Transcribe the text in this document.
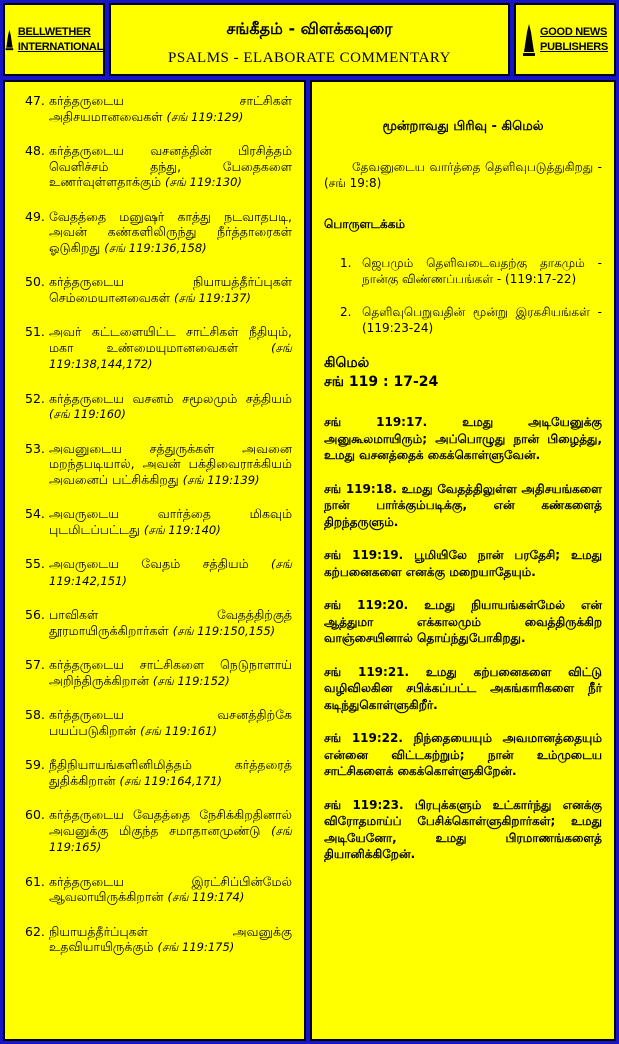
BELLWETHER
INTERNATIONAL
சங்கீதம் - விளக்கவுரை
PSALMS - ELABORATE COMMENTARY
GOOD NEWS
PUBLISHERS
47. கர்த்தருடைய சாட்சிகள் அதிசயமானவைகள் (சங் 119:129)
48. கர்த்தருடைய வசனத்தின் பிரசித்தம் வெளிச்சம் தந்து, பேதைகளை உணர்வுள்ளதாக்கும் (சங் 119:130)
49. வேதத்தை மனுஷர் காத்து நடவாதபடி, அவன் கண்களிலிருந்து நீர்த்தாரைகள் ஓடுகிறது (சங் 119:136,158)
50. கர்த்தருடைய நியாயத்தீர்ப்புகள் செம்மையானவைகள் (சங் 119:137)
51. அவர் கட்டளையிட்ட சாட்சிகள் நீதியும், மகா உண்மையுமானவைகள்	(சங் 119:138,144,172)
52. கர்த்தருடைய வசனம் சமூலமும் சத்தியம் (சங் 119:160)
53. அவனுடைய சத்துருக்கள் அவனை மறந்தபடியால், அவன் பக்திவைராக்கியம் அவனைப் பட்சிக்கிறது (சங் 119:139)
54. அவருடைய வார்த்தை மிகவும் புடமிடப்பட்டது (சங் 119:140)
55. அவருடைய வேதம் சத்தியம் (சங் 119:142,151)
56. பாவிகள் வேதத்திற்குத் தூரமாயிருக்கிறார்கள் (சங் 119:150,155)
57. கர்த்தருடைய சாட்சிகளை நெடுநாளாய் அறிந்திருக்கிறான் (சங் 119:152)
58. கர்த்தருடைய வசனத்திற்கே பயப்படுகிறான் (சங் 119:161)
59. நீதிநியாயங்களினிமித்தம் கர்த்தரைத் துதிக்கிறான் (சங் 119:164,171)
60. கர்த்தருடைய வேதத்தை நேசிக்கிறதினால் அவனுக்கு மிகுந்த சமாதானமுண்டு (சங் 119:165)
61. கர்த்தருடைய இரட்சிப்பின்மேல் ஆவலாயிருக்கிறான் (சங் 119:174)
62. நியாயத்தீர்ப்புகள் அவனுக்கு உதவியாயிருக்கும் (சங் 119:175)
மூன்றாவது பிரிவு - கிமெல்

தேவனுடைய வார்த்தை தெளிவுபடுத்துகிறது - (சங் 19:8)

பொருளடக்கம்
1. ஜெபமும் தெளிவடைவதற்கு தாகமும் - நான்கு விண்ணப்பங்கள் - (119:17-22)
2. தெளிவுபெறுவதின் மூன்று இரகசியங்கள் - (119:23-24)
கிமெல்
சங் 119 : 17-24

சங் 119:17. உமது அடியேனுக்கு அனுகூலமாயிரும்; அப்பொழுது நான் பிழைத்து, உமது வசனத்தைக் கைக்கொள்ளுவேன்.

சங் 119:18. உமது வேதத்திலுள்ள அதிசயங்களை நான் பார்க்கும்படிக்கு, என் கண்களைத் திறந்தருளும்.

சங் 119:19. பூமியிலே நான் பரதேசி; உமது கற்பனைகளை எனக்கு மறையாதேயும்.

சங் 119:20. உமது நியாயங்கள்மேல் என் ஆத்துமா எக்காலமும் வைத்திருக்கிற வாஞ்சையினால் தொய்ந்துபோகிறது.

சங் 119:21. உமது கற்பனைகளை விட்டு வழிவிலகின சபிக்கப்பட்ட அகங்காரிகளை நீர் கடிந்துகொள்ளுகிறீர்.

சங் 119:22. நிந்தையையும் அவமானத்தையும் என்னை விட்டகற்றும்; நான் உம்முடைய சாட்சிகளைக் கைக்கொள்ளுகிறேன்.

சங் 119:23. பிரபுக்களும் உட்கார்ந்து எனக்கு விரோதமாய்ப் பேசிக்கொள்ளுகிறார்கள்; உமது அடியேனோ, உமது பிரமாணங்களைத் தியானிக்கிறேன்.
